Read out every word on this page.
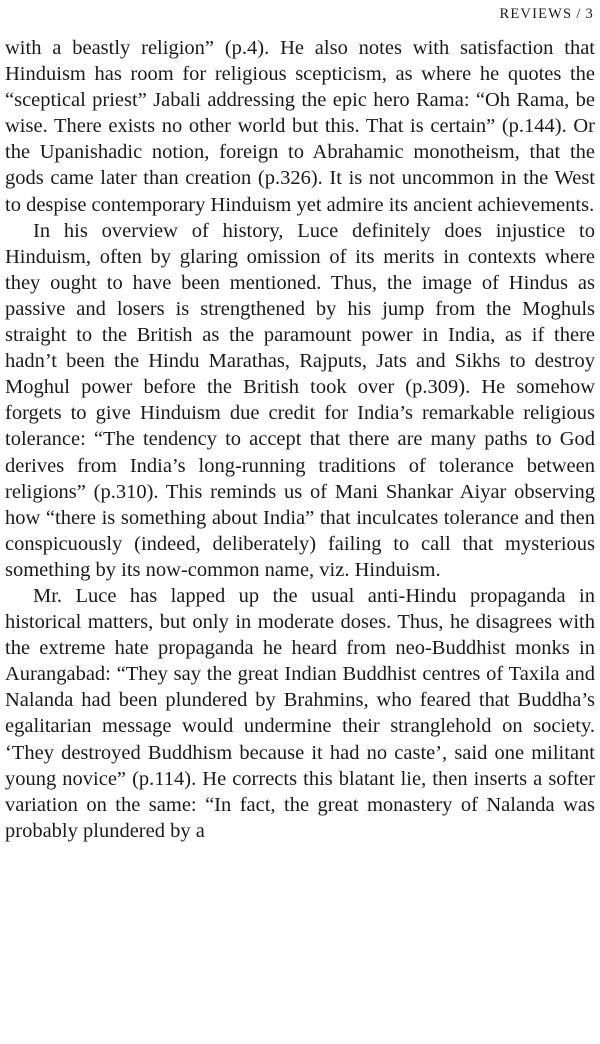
REVIEWS / 3

with a beastly religion” (p.4). He also notes with satisfaction that Hinduism has room for religious scepticism, as where he quotes the “sceptical priest” Jabali addressing the epic hero Rama: “Oh Rama, be wise. There exists no other world but this. That is certain” (p.144). Or the Upanishadic notion, foreign to Abrahamic monotheism, that the gods came later than creation (p.326). It is not uncommon in the West to despise contemporary Hinduism yet admire its ancient achievements.

In his overview of history, Luce definitely does injustice to Hinduism, often by glaring omission of its merits in contexts where they ought to have been mentioned. Thus, the image of Hindus as passive and losers is strengthened by his jump from the Moghuls straight to the British as the paramount power in India, as if there hadn’t been the Hindu Marathas, Rajputs, Jats and Sikhs to destroy Moghul power before the British took over (p.309). He somehow forgets to give Hinduism due credit for India’s remarkable religious tolerance: “The tendency to accept that there are many paths to God derives from India’s long-running traditions of tolerance between religions” (p.310). This reminds us of Mani Shankar Aiyar observing how “there is something about India” that inculcates tolerance and then conspicuously (indeed, deliberately) failing to call that mysterious something by its now-common name, viz. Hinduism.

Mr. Luce has lapped up the usual anti-Hindu propaganda in historical matters, but only in moderate doses. Thus, he disagrees with the extreme hate propaganda he heard from neo-Buddhist monks in Aurangabad: “They say the great Indian Buddhist centres of Taxila and Nalanda had been plundered by Brahmins, who feared that Buddha’s egalitarian message would undermine their stranglehold on society. ‘They destroyed Buddhism because it had no caste’, said one militant young novice” (p.114). He corrects this blatant lie, then inserts a softer variation on the same: “In fact, the great monastery of Nalanda was probably plundered by a
